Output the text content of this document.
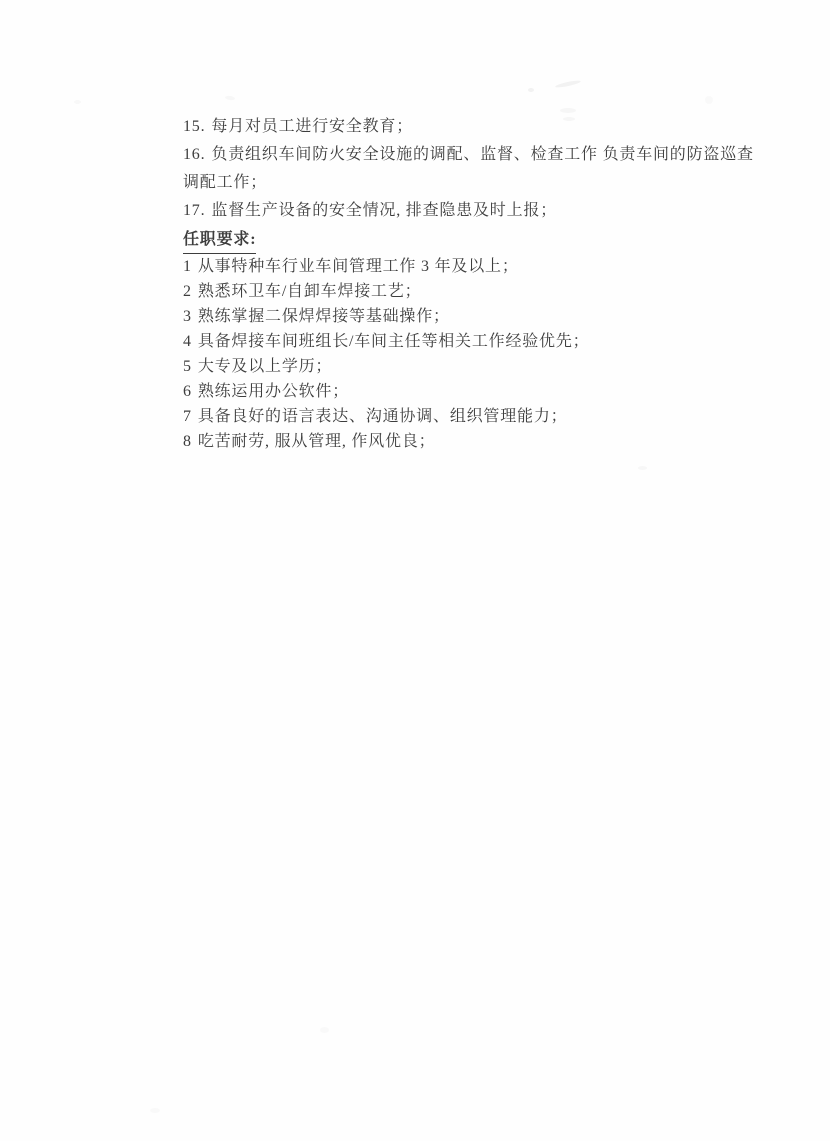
15. 每月对员工进行安全教育；
16. 负责组织车间防火安全设施的调配、监督、检查工作 负责车间的防盗巡查
调配工作；
17. 监督生产设备的安全情况, 排查隐患及时上报；
任职要求:
1 从事特种车行业车间管理工作 3 年及以上；
2 熟悉环卫车/自卸车焊接工艺；
3 熟练掌握二保焊焊接等基础操作；
4 具备焊接车间班组长/车间主任等相关工作经验优先；
5 大专及以上学历；
6 熟练运用办公软件；
7 具备良好的语言表达、沟通协调、组织管理能力；
8 吃苦耐劳, 服从管理, 作风优良；
